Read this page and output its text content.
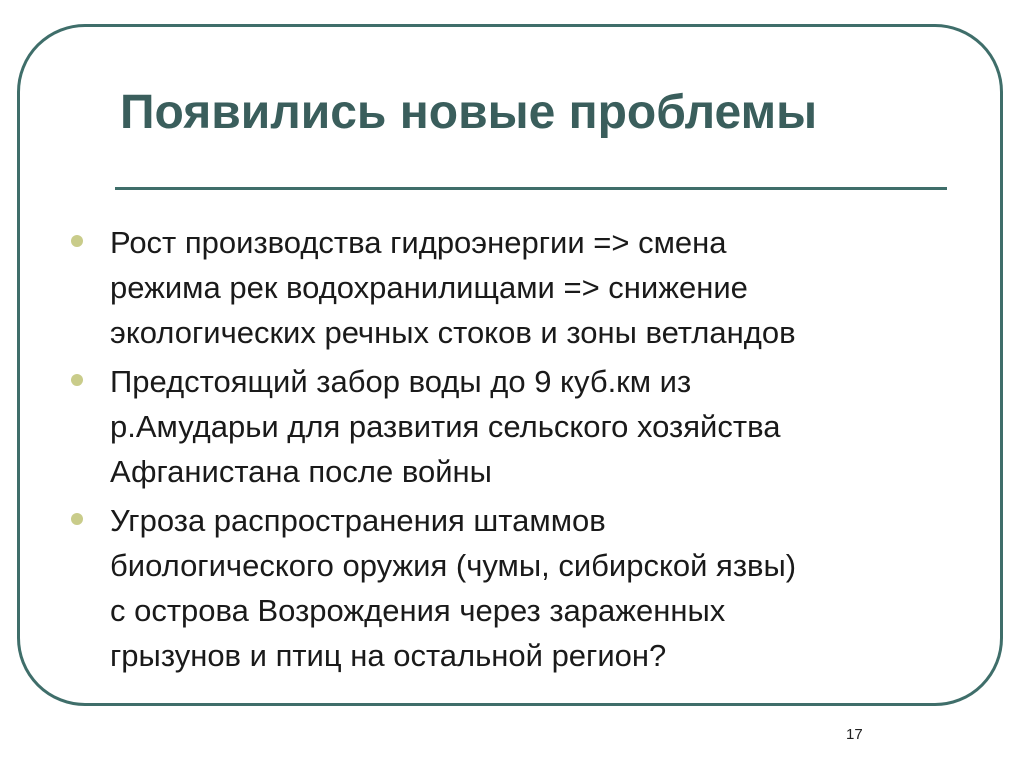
Появились новые проблемы
Рост производства гидроэнергии => смена
режима рек водохранилищами => снижение
экологических речных стоков и зоны ветландов
Предстоящий забор воды до 9 куб.км из
р.Амударьи для развития сельского хозяйства
Афганистана после войны
Угроза распространения штаммов
биологического оружия (чумы, сибирской язвы)
с острова Возрождения через зараженных
грызунов и птиц на остальной регион?
17
